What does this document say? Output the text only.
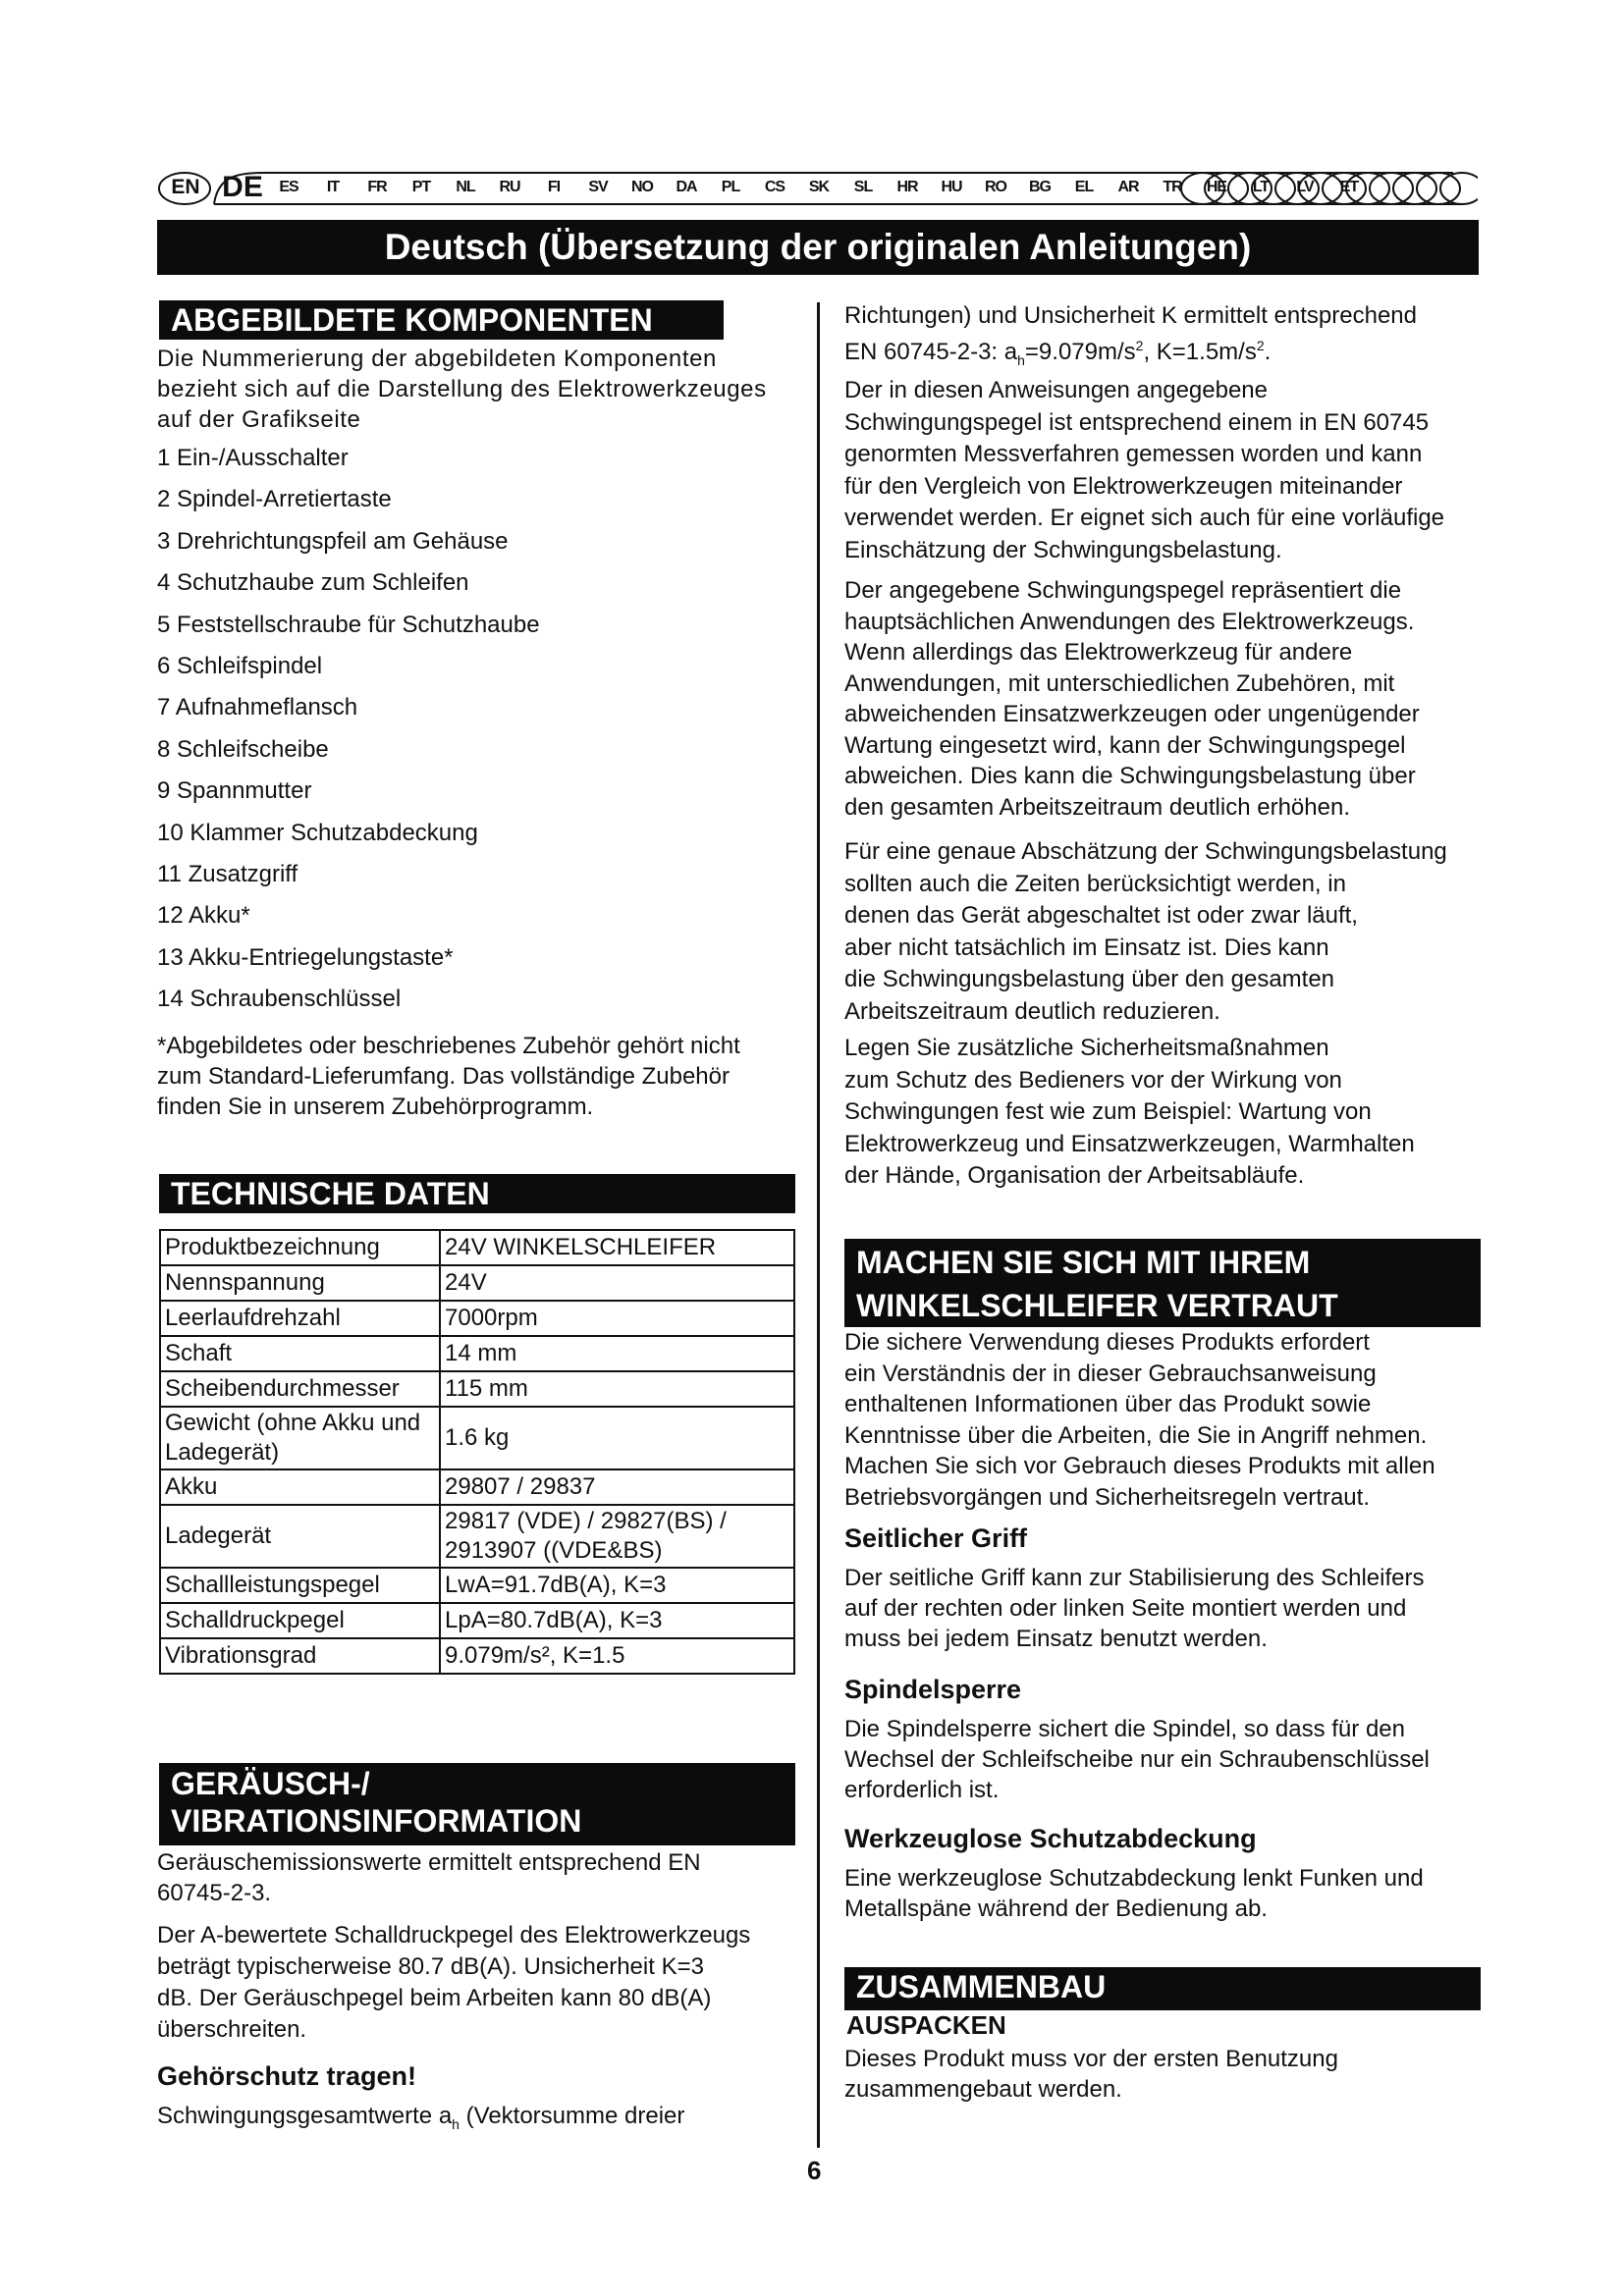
EN DE	ES	IT	FR	PT	NL	RU	FI	SV	NO	DA	PL	CS	SK	SL	HR	HU	RO	BG	EL	AR	TR	HE	LT	LV	ET
Deutsch (Übersetzung der originalen Anleitungen)
ABGEBILDETE KOMPONENTEN
Die Nummerierung der abgebildeten Komponenten
bezieht sich auf die Darstellung des Elektrowerkzeuges
auf der Grafikseite
1 Ein-/Ausschalter
2 Spindel-Arretiertaste
3 Drehrichtungspfeil am Gehäuse
4 Schutzhaube zum Schleifen
5 Feststellschraube für Schutzhaube
6 Schleifspindel
7 Aufnahmeflansch
8 Schleifscheibe
9 Spannmutter
10 Klammer Schutzabdeckung
11 Zusatzgriff
12 Akku*
13 Akku-Entriegelungstaste*
14 Schraubenschlüssel
*Abgebildetes oder beschriebenes Zubehör gehört nicht
zum Standard-Lieferumfang. Das vollständige Zubehör
finden Sie in unserem Zubehörprogramm.
TECHNISCHE DATEN
Produktbezeichnung	24V WINKELSCHLEIFER
Nennspannung	24V
Leerlaufdrehzahl	7000rpm
Schaft	14 mm
Scheibendurchmesser	115 mm
Gewicht (ohne Akku und Ladegerät)	1.6 kg
Akku	29807 / 29837
Ladegerät	29817 (VDE) / 29827(BS) / 2913907 ((VDE&BS)
Schallleistungspegel	LwA=91.7dB(A), K=3
Schalldruckpegel	LpA=80.7dB(A), K=3
Vibrationsgrad	9.079m/s², K=1.5
GERÄUSCH-/
VIBRATIONSINFORMATION
Geräuschemissionswerte ermittelt entsprechend EN
60745-2-3.
Der A-bewertete Schalldruckpegel des Elektrowerkzeugs
beträgt typischerweise 80.7 dB(A). Unsicherheit K=3
dB. Der Geräuschpegel beim Arbeiten kann 80 dB(A)
überschreiten.
Gehörschutz tragen!
Schwingungsgesamtwerte $a_h$ (Vektorsumme dreier
Richtungen) und Unsicherheit K ermittelt entsprechend
EN 60745-2-3: $a_h=9.079m/s^2$, $K=1.5m/s^2$.
Der in diesen Anweisungen angegebene
Schwingungspegel ist entsprechend einem in EN 60745
genormten Messverfahren gemessen worden und kann
für den Vergleich von Elektrowerkzeugen miteinander
verwendet werden. Er eignet sich auch für eine vorläufige
Einschätzung der Schwingungsbelastung.
Der angegebene Schwingungspegel repräsentiert die
hauptsächlichen Anwendungen des Elektrowerkzeugs.
Wenn allerdings das Elektrowerkzeug für andere
Anwendungen, mit unterschiedlichen Zubehören, mit
abweichenden Einsatzwerkzeugen oder ungenügender
Wartung eingesetzt wird, kann der Schwingungspegel
abweichen. Dies kann die Schwingungsbelastung über
den gesamten Arbeitszeitraum deutlich erhöhen.
Für eine genaue Abschätzung der Schwingungsbelastung
sollten auch die Zeiten berücksichtigt werden, in
denen das Gerät abgeschaltet ist oder zwar läuft,
aber nicht tatsächlich im Einsatz ist. Dies kann
die Schwingungsbelastung über den gesamten
Arbeitszeitraum deutlich reduzieren.
Legen Sie zusätzliche Sicherheitsmaßnahmen
zum Schutz des Bedieners vor der Wirkung von
Schwingungen fest wie zum Beispiel: Wartung von
Elektrowerkzeug und Einsatzwerkzeugen, Warmhalten
der Hände, Organisation der Arbeitsabläufe.
MACHEN SIE SICH MIT IHREM
WINKELSCHLEIFER VERTRAUT
Die sichere Verwendung dieses Produkts erfordert
ein Verständnis der in dieser Gebrauchsanweisung
enthaltenen Informationen über das Produkt sowie
Kenntnisse über die Arbeiten, die Sie in Angriff nehmen.
Machen Sie sich vor Gebrauch dieses Produkts mit allen
Betriebsvorgängen und Sicherheitsregeln vertraut.
Seitlicher Griff
Der seitliche Griff kann zur Stabilisierung des Schleifers
auf der rechten oder linken Seite montiert werden und
muss bei jedem Einsatz benutzt werden.
Spindelsperre
Die Spindelsperre sichert die Spindel, so dass für den
Wechsel der Schleifscheibe nur ein Schraubenschlüssel
erforderlich ist.
Werkzeuglose Schutzabdeckung
Eine werkzeuglose Schutzabdeckung lenkt Funken und
Metallspäne während der Bedienung ab.
ZUSAMMENBAU
AUSPACKEN
Dieses Produkt muss vor der ersten Benutzung
zusammengebaut werden.
6
